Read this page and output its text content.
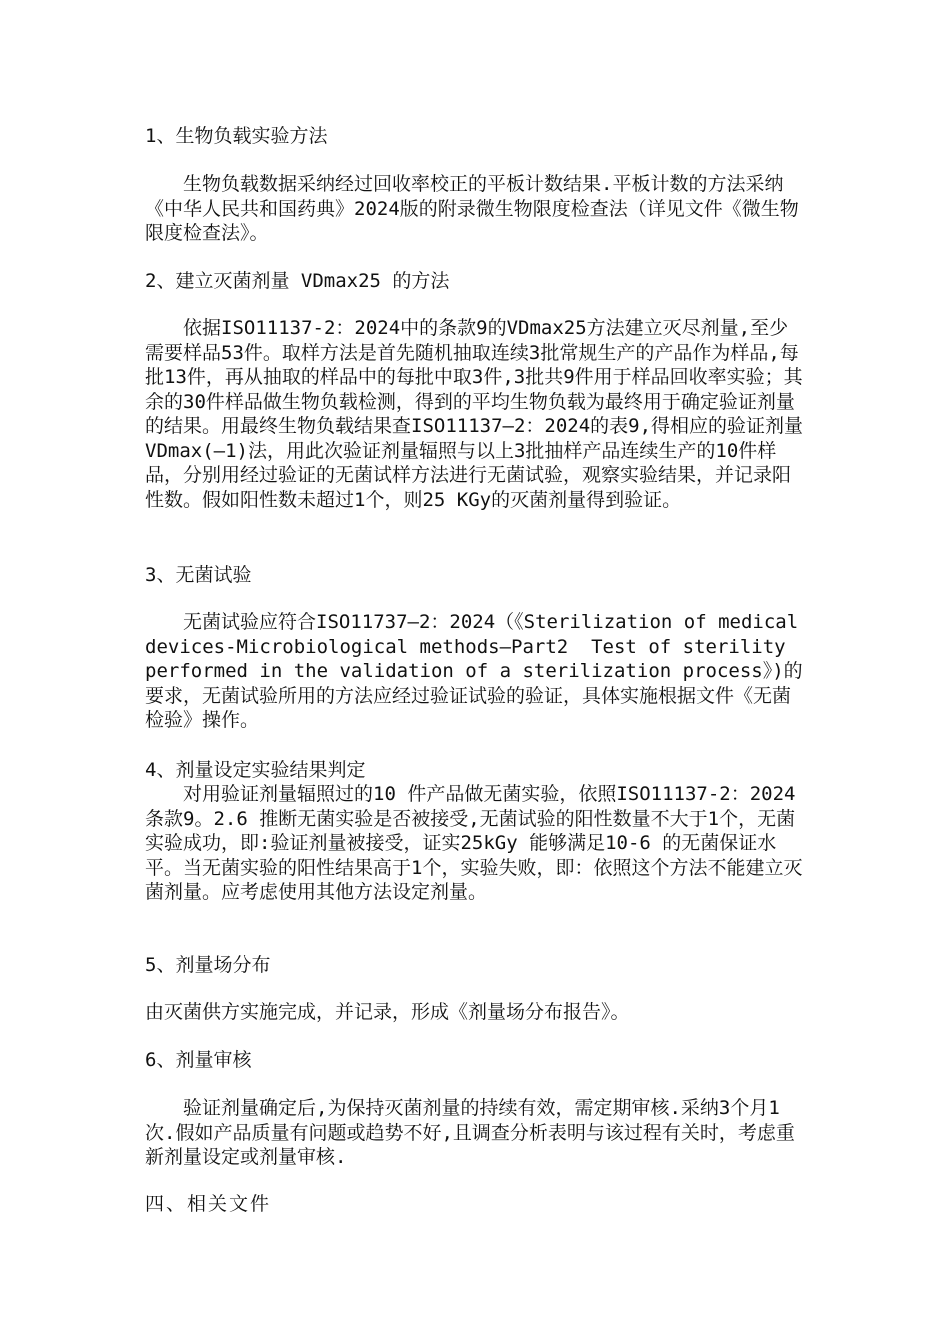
1、生物负载实验方法
生物负载数据采纳经过回收率校正的平板计数结果.平板计数的方法采纳《中华人民共和国药典》2024版的附录微生物限度检查法（详见文件《微生物限度检查法》。
2、建立灭菌剂量 VDmax25 的方法
依据ISO11137-2：2024中的条款9的VDmax25方法建立灭尽剂量,至少需要样品53件。取样方法是首先随机抽取连续3批常规生产的产品作为样品,每批13件，再从抽取的样品中的每批中取3件,3批共9件用于样品回收率实验；其余的30件样品做生物负载检测，得到的平均生物负载为最终用于确定验证剂量的结果。用最终生物负载结果查ISO11137—2：2024的表9,得相应的验证剂量VDmax(—1)法，用此次验证剂量辐照与以上3批抽样产品连续生产的10件样品，分别用经过验证的无菌试样方法进行无菌试验，观察实验结果，并记录阳性数。假如阳性数未超过1个，则25 KGy的灭菌剂量得到验证。
3、无菌试验
无菌试验应符合ISO11737—2：2024（《Sterilization of medical devices-Microbiological methods—Part2  Test of sterility performed in the validation of a sterilization process》)的要求，无菌试验所用的方法应经过验证试验的验证，具体实施根据文件《无菌检验》操作。
4、剂量设定实验结果判定
对用验证剂量辐照过的10 件产品做无菌实验，依照ISO11137-2：2024 条款9。2.6 推断无菌实验是否被接受,无菌试验的阳性数量不大于1个，无菌实验成功，即:验证剂量被接受，证实25kGy 能够满足10-6 的无菌保证水平。当无菌实验的阳性结果高于1个，实验失败，即：依照这个方法不能建立灭菌剂量。应考虑使用其他方法设定剂量。
5、剂量场分布
由灭菌供方实施完成，并记录，形成《剂量场分布报告》。
6、剂量审核
验证剂量确定后,为保持灭菌剂量的持续有效，需定期审核.采纳3个月1次.假如产品质量有问题或趋势不好,且调查分析表明与该过程有关时，考虑重新剂量设定或剂量审核.
四、相关文件
